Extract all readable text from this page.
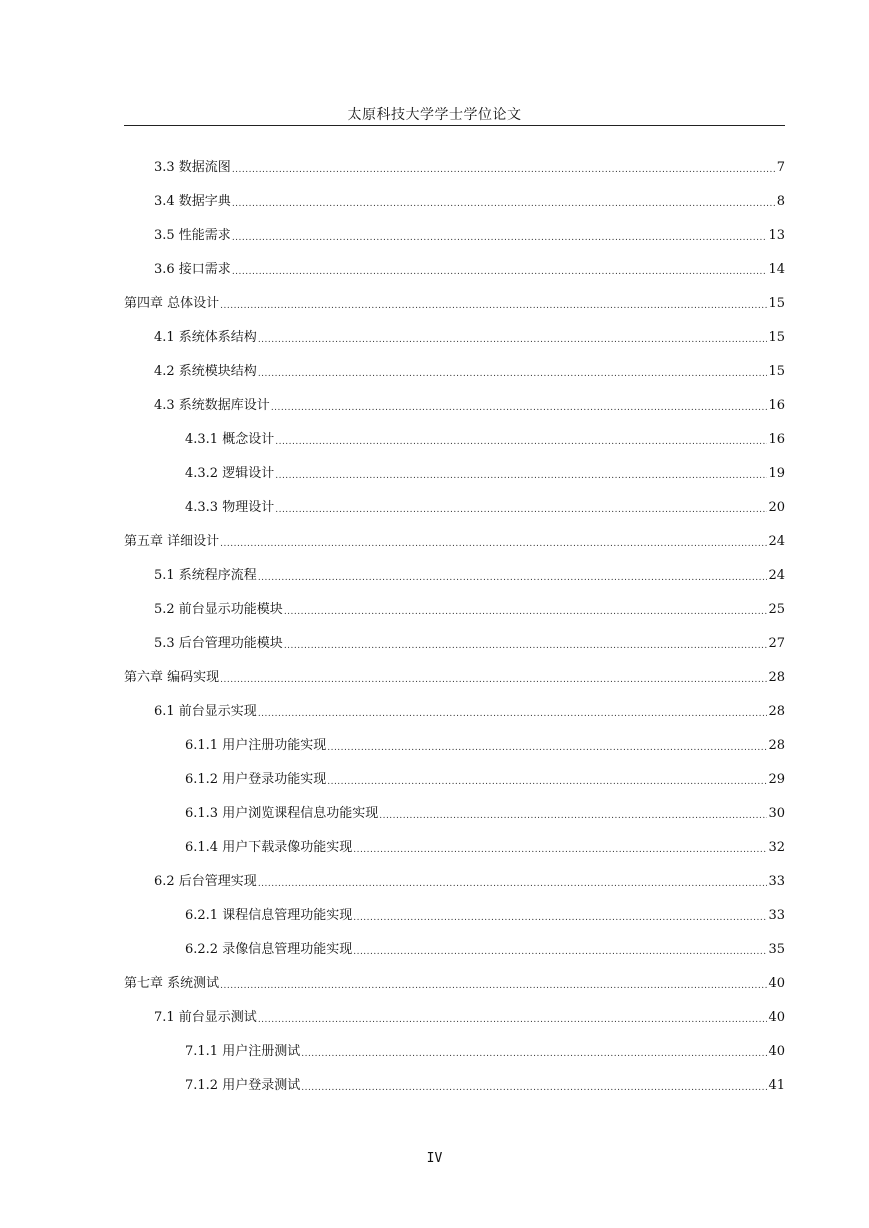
太原科技大学学士学位论文
3.3 数据流图 .....	7
3.4 数据字典 .....	8
3.5 性能需求 .....	13
3.6 接口需求 .....	14
第四章 总体设计 .....	15
4.1 系统体系结构 .....	15
4.2 系统模块结构 .....	15
4.3 系统数据库设计 .....	16
4.3.1 概念设计 .....	16
4.3.2 逻辑设计 .....	19
4.3.3 物理设计 .....	20
第五章 详细设计 .....	24
5.1 系统程序流程 .....	24
5.2 前台显示功能模块 .....	25
5.3 后台管理功能模块 .....	27
第六章 编码实现 .....	28
6.1 前台显示实现 .....	28
6.1.1 用户注册功能实现 .....	28
6.1.2 用户登录功能实现 .....	29
6.1.3 用户浏览课程信息功能实现 .....	30
6.1.4 用户下载录像功能实现 .....	32
6.2 后台管理实现 .....	33
6.2.1 课程信息管理功能实现 .....	33
6.2.2 录像信息管理功能实现 .....	35
第七章 系统测试 .....	40
7.1 前台显示测试 .....	40
7.1.1 用户注册测试 .....	40
7.1.2 用户登录测试 .....	41
IV
